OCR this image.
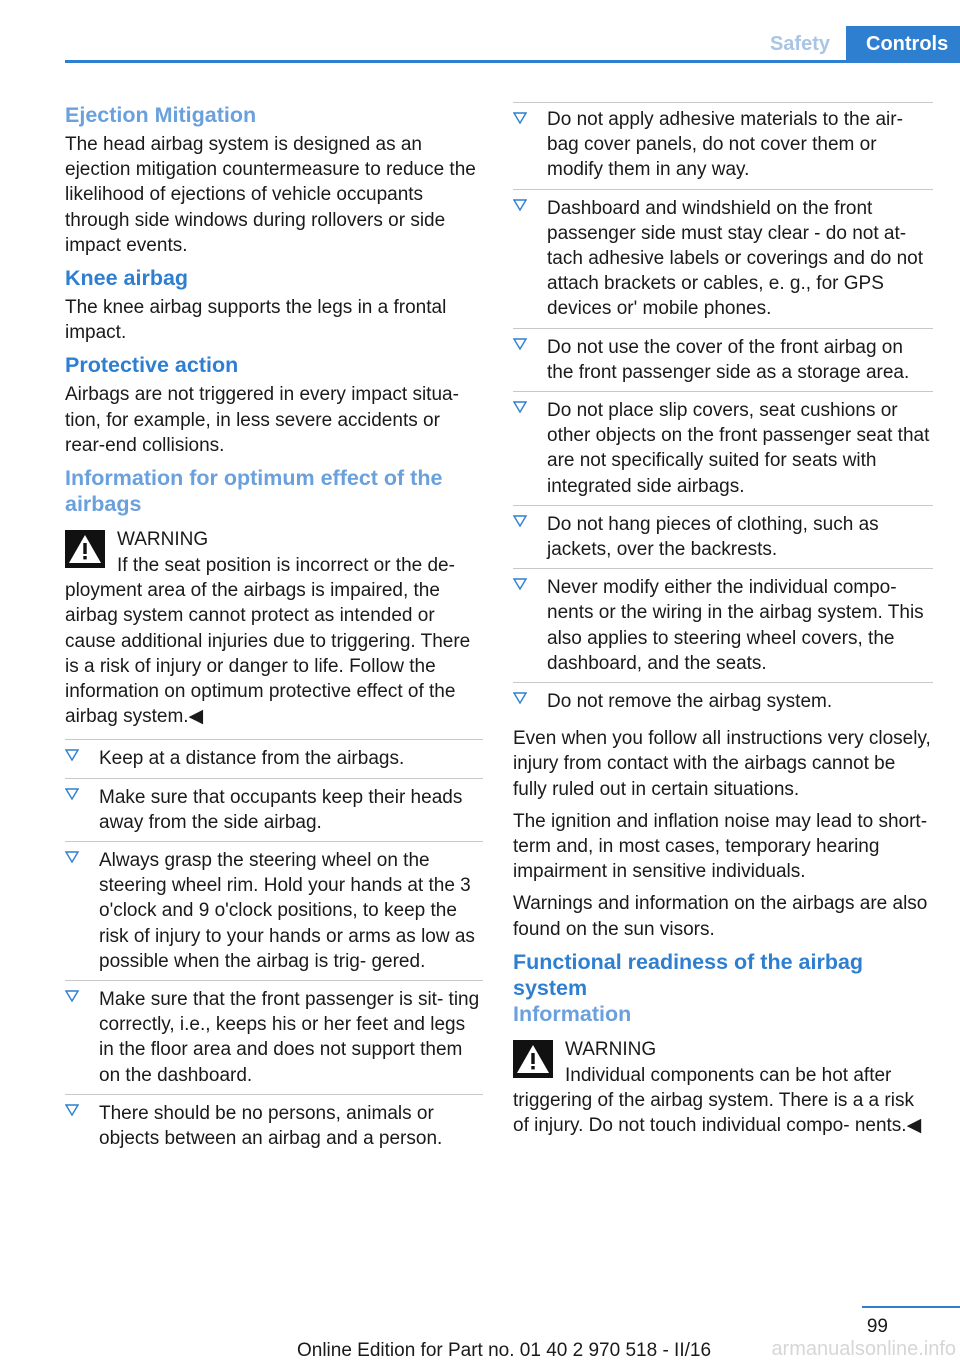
Safety	Controls
Ejection Mitigation

The head airbag system is designed as an ejection mitigation countermeasure to reduce the likelihood of ejections of vehicle occupants through side windows during rollovers or side impact events.

Knee airbag

The knee airbag supports the legs in a frontal impact.

Protective action

Airbags are not triggered in every impact situa‐ tion, for example, in less severe accidents or rear-end collisions.

Information for optimum effect of the airbags
WARNING

If the seat position is incorrect or the de‐ ployment area of the airbags is impaired, the airbag system cannot protect as intended or cause additional injuries due to triggering. There is a risk of injury or danger to life. Follow the information on optimum protective effect of the airbag system.◀

Keep at a distance from the airbags.
Make sure that occupants keep their heads away from the side airbag.
Always grasp the steering wheel on the steering wheel rim. Hold your hands at the 3 o'clock and 9 o'clock positions, to keep the risk of injury to your hands or arms as low as possible when the airbag is trig‐ gered.
Make sure that the front passenger is sit‐ ting correctly, i.e., keeps his or her feet and legs in the floor area and does not support them on the dashboard.
There should be no persons, animals or objects between an airbag and a person.
Do not apply adhesive materials to the air‐ bag cover panels, do not cover them or modify them in any way.
Dashboard and windshield on the front passenger side must stay clear - do not at‐ tach adhesive labels or coverings and do not attach brackets or cables, e. g., for GPS devices or' mobile phones.
Do not use the cover of the front airbag on the front passenger side as a storage area.
Do not place slip covers, seat cushions or other objects on the front passenger seat that are not specifically suited for seats with integrated side airbags.
Do not hang pieces of clothing, such as jackets, over the backrests.
Never modify either the individual compo‐ nents or the wiring in the airbag system. This also applies to steering wheel covers, the dashboard, and the seats.
Do not remove the airbag system.

Even when you follow all instructions very closely, injury from contact with the airbags cannot be fully ruled out in certain situations.

The ignition and inflation noise may lead to short-term and, in most cases, temporary hearing impairment in sensitive individuals.

Warnings and information on the airbags are also found on the sun visors.

Functional readiness of the airbag system
Information
WARNING

Individual components can be hot after triggering of the airbag system. There is a a risk of injury. Do not touch individual compo‐ nents.◀

99
Online Edition for Part no. 01 40 2 970 518 - II/16	armanualsonline.info
